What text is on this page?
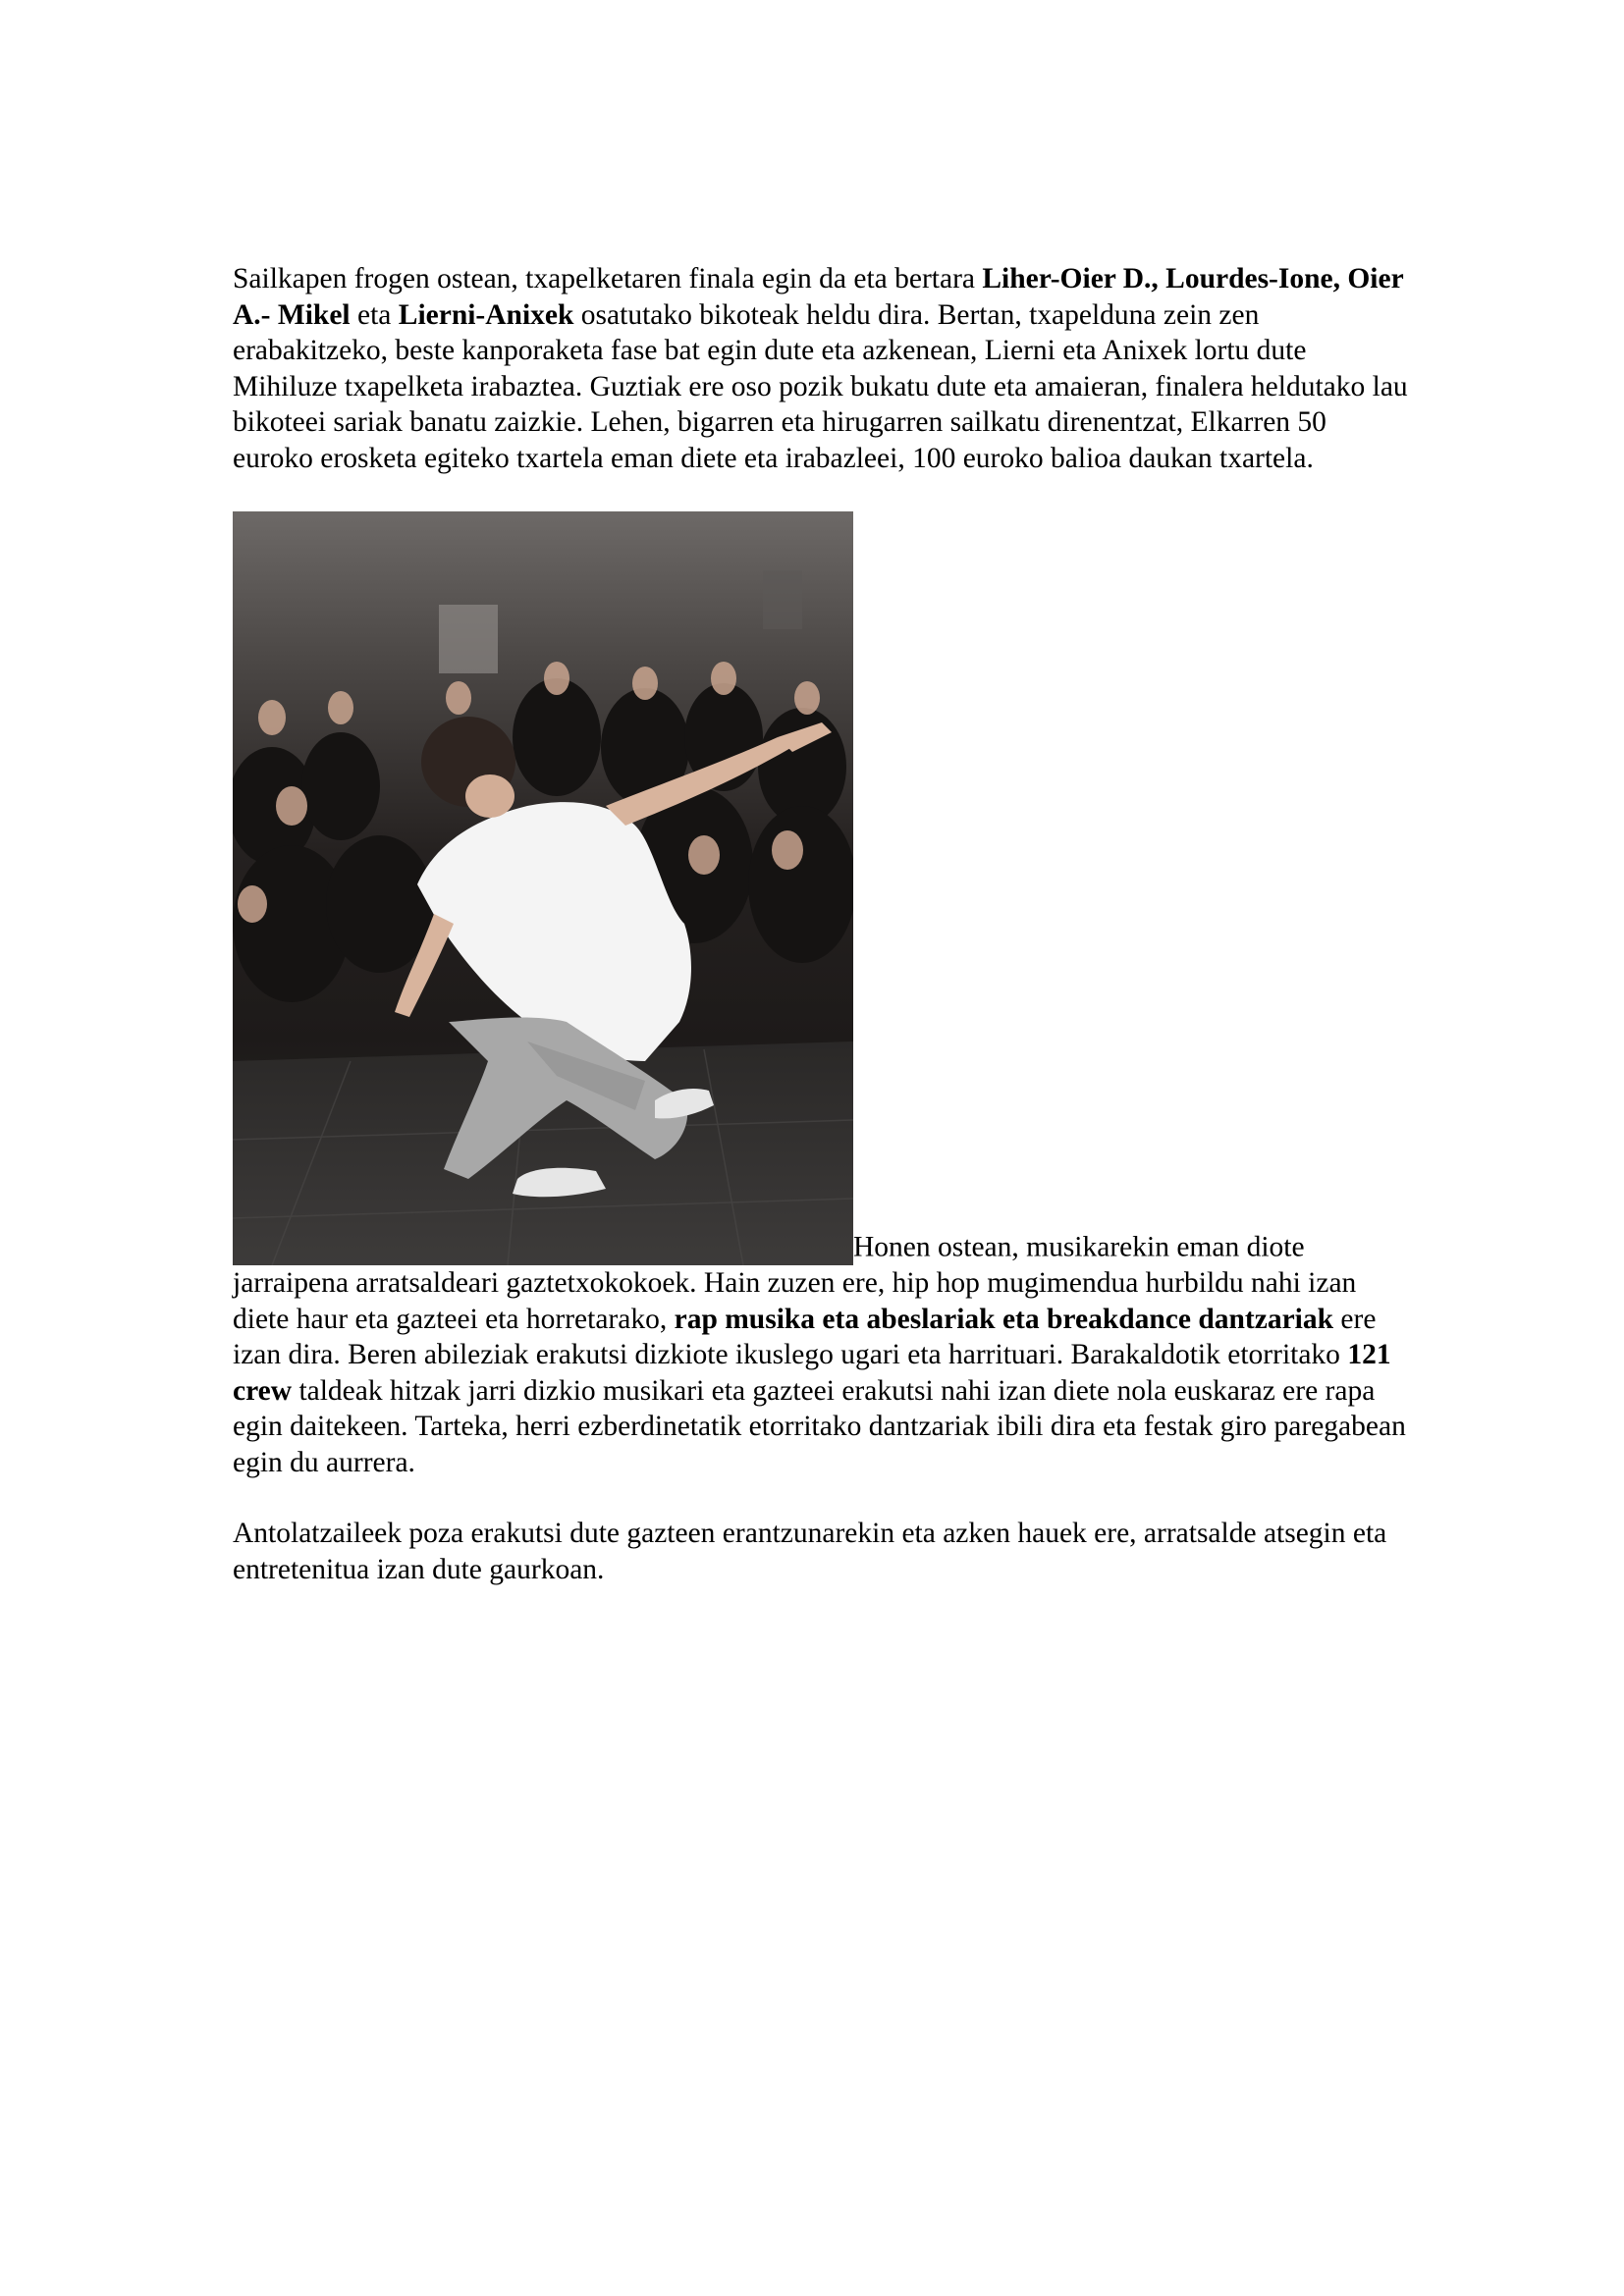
Sailkapen frogen ostean, txapelketaren finala egin da eta bertara Liher-Oier D., Lourdes-Ione, Oier A.- Mikel eta Lierni-Anixek osatutako bikoteak heldu dira. Bertan, txapelduna zein zen erabakitzeko, beste kanporaketa fase bat egin dute eta azkenean, Lierni eta Anixek lortu dute Mihiluze txapelketa irabaztea. Guztiak ere oso pozik bukatu dute eta amaieran, finalera heldutako lau bikoteei sariak banatu zaizkie. Lehen, bigarren eta hirugarren sailkatu direnentzat, Elkarren 50 euroko erosketa egiteko txartela eman diete eta irabazleei, 100 euroko balioa daukan txartela.

Honen ostean, musikarekin eman diote jarraipena arratsaldeari gaztetxokokoek. Hain zuzen ere, hip hop mugimendua hurbildu nahi izan diete haur eta gazteei eta horretarako, rap musika eta abeslariak eta breakdance dantzariak ere izan dira. Beren abileziak erakutsi dizkiote ikuslego ugari eta harrituari. Barakaldotik etorritako 121 crew taldeak hitzak jarri dizkio musikari eta gazteei erakutsi nahi izan diete nola euskaraz ere rapa egin daitekeen. Tarteka, herri ezberdinetatik etorritako dantzariak ibili dira eta festak giro paregabean egin du aurrera.

Antolatzaileek poza erakutsi dute gazteen erantzunarekin eta azken hauek ere, arratsalde atsegin eta entretenitua izan dute gaurkoan.
